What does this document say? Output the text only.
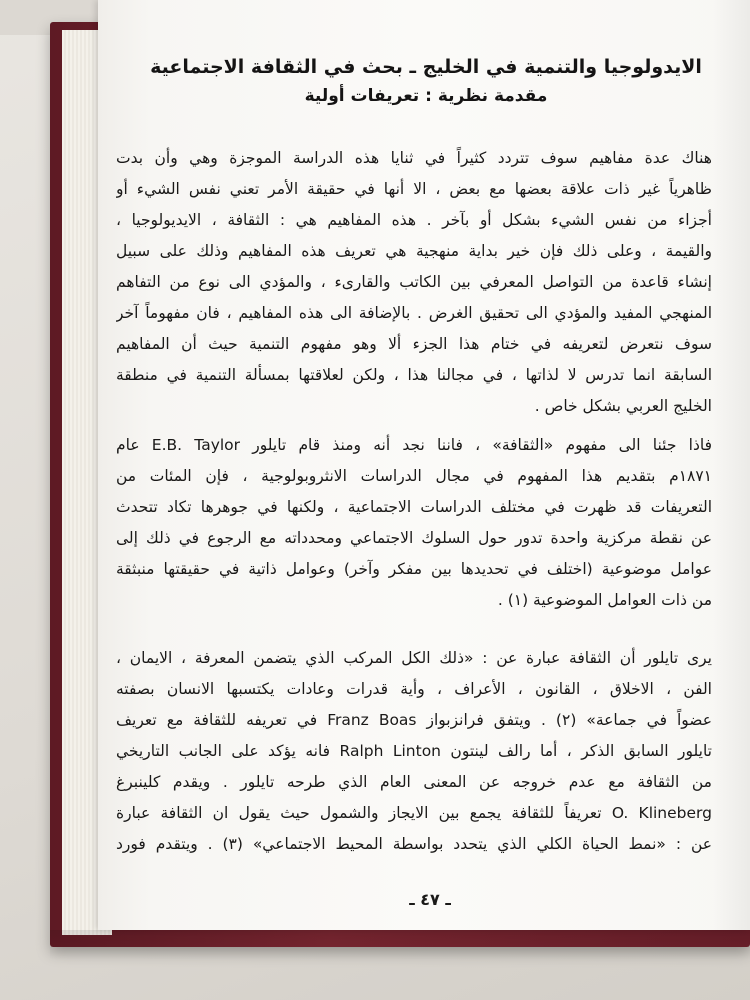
الايدولوجيا والتنمية في الخليج ـ بحث في الثقافة الاجتماعية
مقدمة نظرية : تعريفات أولية
هناك عدة مفاهيم سوف تتردد كثيراً في ثنايا هذه الدراسة الموجزة وهي وأن بدت
ظاهرياً غير ذات علاقة بعضها مع بعض ، الا أنها في حقيقة الأمر تعني نفس الشيء أو
أجزاء من نفس الشيء بشكل أو بآخر . هذه المفاهيم هي : الثقافة ، الايديولوجيا ،
والقيمة ، وعلى ذلك فإن خير بداية منهجية هي تعريف هذه المفاهيم وذلك على سبيل
إنشاء قاعدة من التواصل المعرفي بين الكاتب والقارىء ، والمؤدي الى نوع من التفاهم
المنهجي المفيد والمؤدي الى تحقيق الغرض . بالإضافة الى هذه المفاهيم ، فان مفهوماً آخر
سوف نتعرض لتعريفه في ختام هذا الجزء ألا وهو مفهوم التنمية حيث أن المفاهيم
السابقة انما تدرس لا لذاتها ، في مجالنا هذا ، ولكن لعلاقتها بمسألة التنمية في منطقة
الخليج العربي بشكل خاص .
فاذا جئنا الى مفهوم «الثقافة» ، فاننا نجد أنه ومنذ قام تايلور E.B. Taylor عام
١٨٧١م بتقديم هذا المفهوم في مجال الدراسات الانثروبولوجية ، فإن المئات من
التعريفات قد ظهرت في مختلف الدراسات الاجتماعية ، ولكنها في جوهرها تكاد تتحدث
عن نقطة مركزية واحدة تدور حول السلوك الاجتماعي ومحدداته مع الرجوع في ذلك إلى
عوامل موضوعية (اختلف في تحديدها بين مفكر وآخر) وعوامل ذاتية في حقيقتها منبثقة
من ذات العوامل الموضوعية (١) .
يرى تايلور أن الثقافة عبارة عن : «ذلك الكل المركب الذي يتضمن المعرفة ، الايمان ،
الفن ، الاخلاق ، القانون ، الأعراف ، وأية قدرات وعادات يكتسبها الانسان بصفته
عضواً في جماعة» (٢) . ويتفق فرانزبواز Franz Boas في تعريفه للثقافة مع تعريف
تايلور السابق الذكر ، أما رالف لينتون Ralph Linton فانه يؤكد على الجانب التاريخي
من الثقافة مع عدم خروجه عن المعنى العام الذي طرحه تايلور . ويقدم كلينبرغ
O. Klineberg تعريفاً للثقافة يجمع بين الايجاز والشمول حيث يقول ان الثقافة عبارة
عن : «نمط الحياة الكلي الذي يتحدد بواسطة المحيط الاجتماعي» (٣) . ويتقدم فورد
ـ ٤٧ ـ
